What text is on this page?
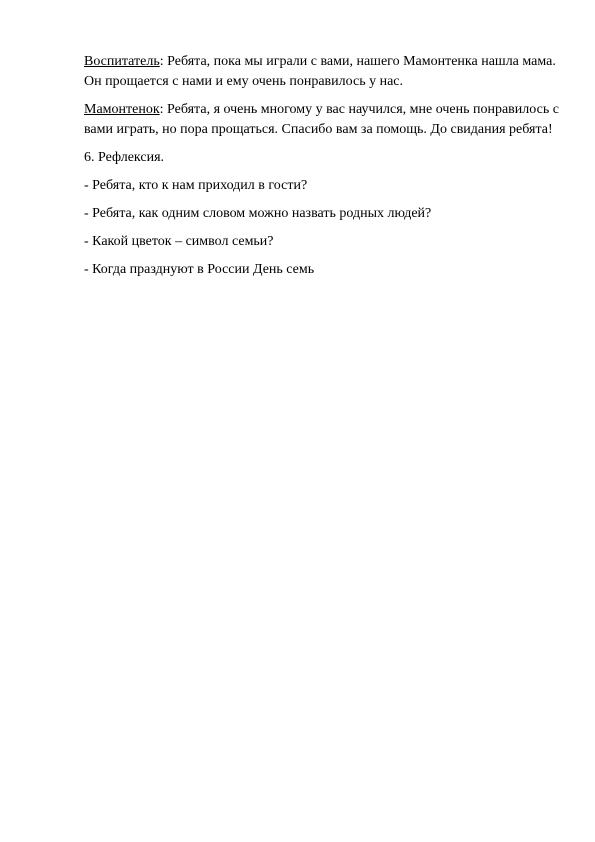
Воспитатель: Ребята, пока мы играли с вами, нашего Мамонтенка нашла мама. Он прощается с нами и ему очень понравилось у нас.

Мамонтенок: Ребята, я очень многому у вас научился, мне очень понравилось с вами играть, но пора прощаться. Спасибо вам за помощь. До свидания ребята!

6. Рефлексия.

- Ребята, кто к нам приходил в гости?

- Ребята, как одним словом можно назвать родных людей?

- Какой цветок – символ семьи?

- Когда празднуют в России День семь
